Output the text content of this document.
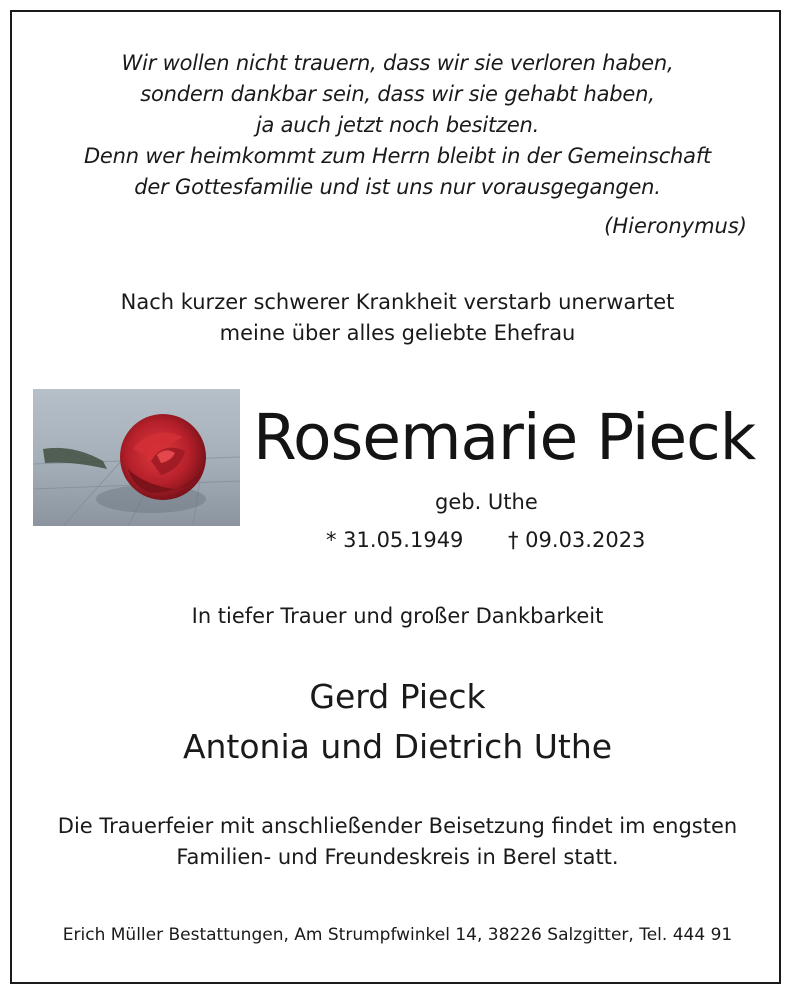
Wir wollen nicht trauern, dass wir sie verloren haben,
sondern dankbar sein, dass wir sie gehabt haben,
ja auch jetzt noch besitzen.
Denn wer heimkommt zum Herrn bleibt in der Gemeinschaft
der Gottesfamilie und ist uns nur vorausgegangen.
(Hieronymus)
Nach kurzer schwerer Krankheit verstarb unerwartet
meine über alles geliebte Ehefrau
Rosemarie Pieck
geb. Uthe
* 31.05.1949 † 09.03.2023
In tiefer Trauer und großer Dankbarkeit
Gerd Pieck
Antonia und Dietrich Uthe
Die Trauerfeier mit anschließender Beisetzung findet im engsten
Familien- und Freundeskreis in Berel statt.
Erich Müller Bestattungen, Am Strumpfwinkel 14, 38226 Salzgitter, Tel. 444 91
